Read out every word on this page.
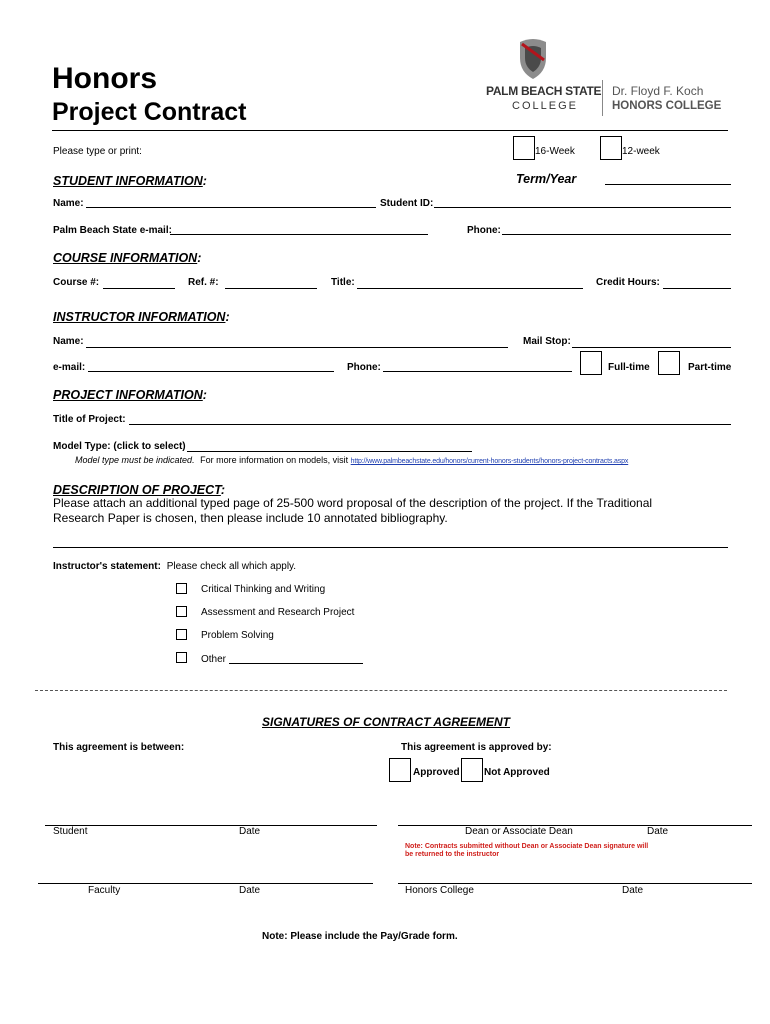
Honors
Project Contract
PALM BEACH STATE
COLLEGE
Dr. Floyd F. Koch
HONORS COLLEGE
Please type or print:	16-Week	12-week
STUDENT INFORMATION:	Term/Year
Name:	Student ID:
Palm Beach State e-mail:	Phone:
COURSE INFORMATION:
Course #:	Ref. #:	Title:	Credit Hours:
INSTRUCTOR INFORMATION:
Name:	Mail Stop:
e-mail:	Phone:	Full-time	Part-time
PROJECT INFORMATION:
Title of Project:
Model Type: (click to select)
Model type must be indicated. For more information on models, visit http://www.palmbeachstate.edu/honors/current-honors-students/honors-project-contracts.aspx
DESCRIPTION OF PROJECT:
Please attach an additional typed page of 25-500 word proposal of the description of the project. If the Traditional
Research Paper is chosen, then please include 10 annotated bibliography.
Instructor's statement: Please check all which apply.
Critical Thinking and Writing
Assessment and Research Project
Problem Solving
Other
SIGNATURES OF CONTRACT AGREEMENT
This agreement is between:	This agreement is approved by:
Approved Not Approved
Student	Date	Dean or Associate Dean	Date
Note: Contracts submitted without Dean or Associate Dean signature will
be returned to the instructor
Faculty	Date	Honors College	Date
Note: Please include the Pay/Grade form.
